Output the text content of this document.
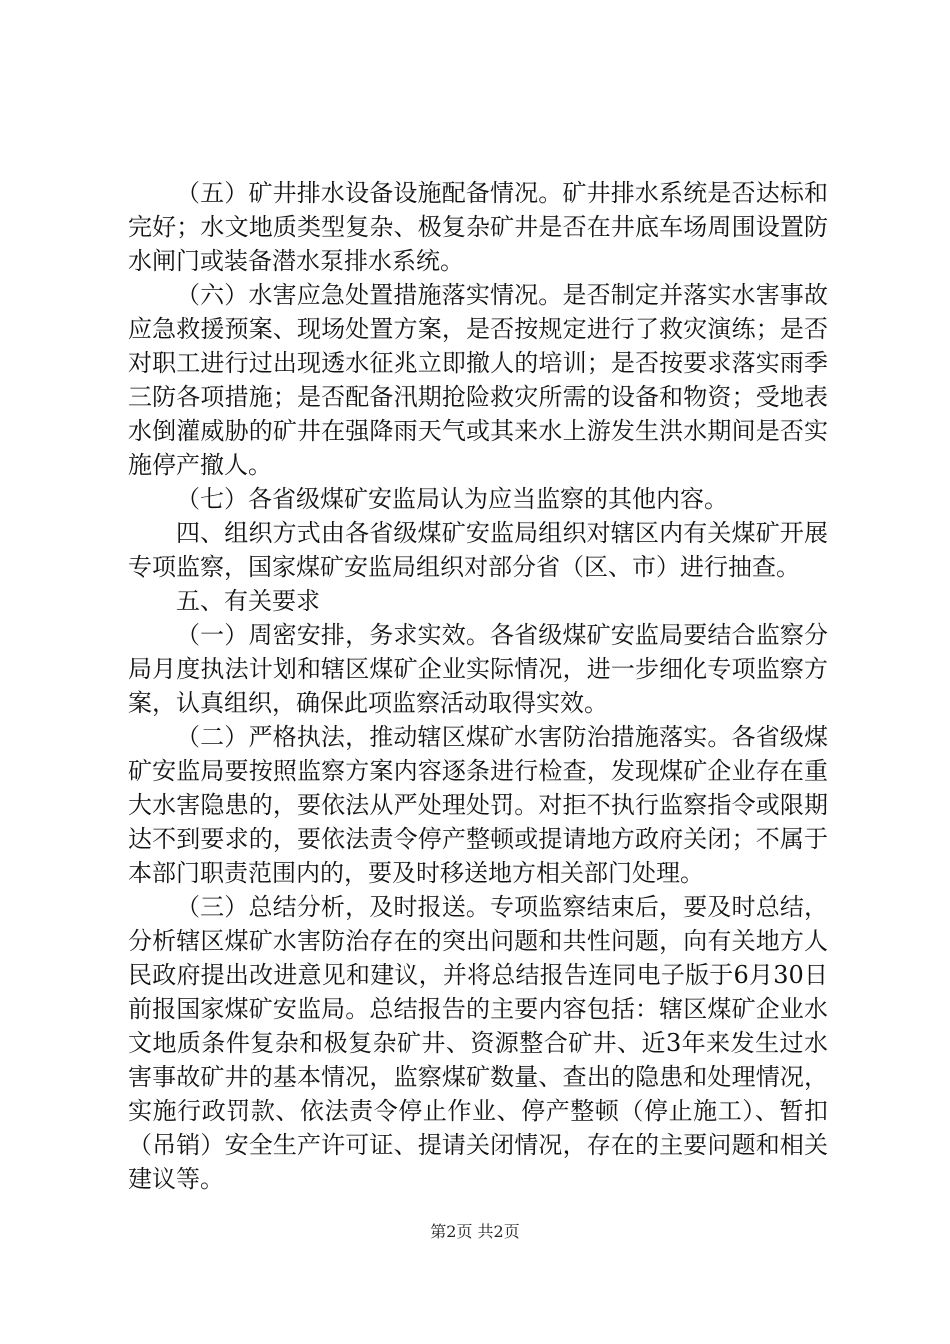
（五）矿井排水设备设施配备情况。矿井排水系统是否达标和完好；水文地质类型复杂、极复杂矿井是否在井底车场周围设置防水闸门或装备潜水泵排水系统。

（六）水害应急处置措施落实情况。是否制定并落实水害事故应急救援预案、现场处置方案，是否按规定进行了救灾演练；是否对职工进行过出现透水征兆立即撤人的培训；是否按要求落实雨季三防各项措施；是否配备汛期抢险救灾所需的设备和物资；受地表水倒灌威胁的矿井在强降雨天气或其来水上游发生洪水期间是否实施停产撤人。

（七）各省级煤矿安监局认为应当监察的其他内容。

四、组织方式由各省级煤矿安监局组织对辖区内有关煤矿开展专项监察，国家煤矿安监局组织对部分省（区、市）进行抽查。

五、有关要求

（一）周密安排，务求实效。各省级煤矿安监局要结合监察分局月度执法计划和辖区煤矿企业实际情况，进一步细化专项监察方案，认真组织，确保此项监察活动取得实效。

（二）严格执法，推动辖区煤矿水害防治措施落实。各省级煤矿安监局要按照监察方案内容逐条进行检查，发现煤矿企业存在重大水害隐患的，要依法从严处理处罚。对拒不执行监察指令或限期达不到要求的，要依法责令停产整顿或提请地方政府关闭；不属于本部门职责范围内的，要及时移送地方相关部门处理。

（三）总结分析，及时报送。专项监察结束后，要及时总结，分析辖区煤矿水害防治存在的突出问题和共性问题，向有关地方人民政府提出改进意见和建议，并将总结报告连同电子版于6月30日前报国家煤矿安监局。总结报告的主要内容包括：辖区煤矿企业水文地质条件复杂和极复杂矿井、资源整合矿井、近3年来发生过水害事故矿井的基本情况，监察煤矿数量、查出的隐患和处理情况，实施行政罚款、依法责令停止作业、停产整顿（停止施工）、暂扣（吊销）安全生产许可证、提请关闭情况，存在的主要问题和相关建议等。

第2页 共2页
